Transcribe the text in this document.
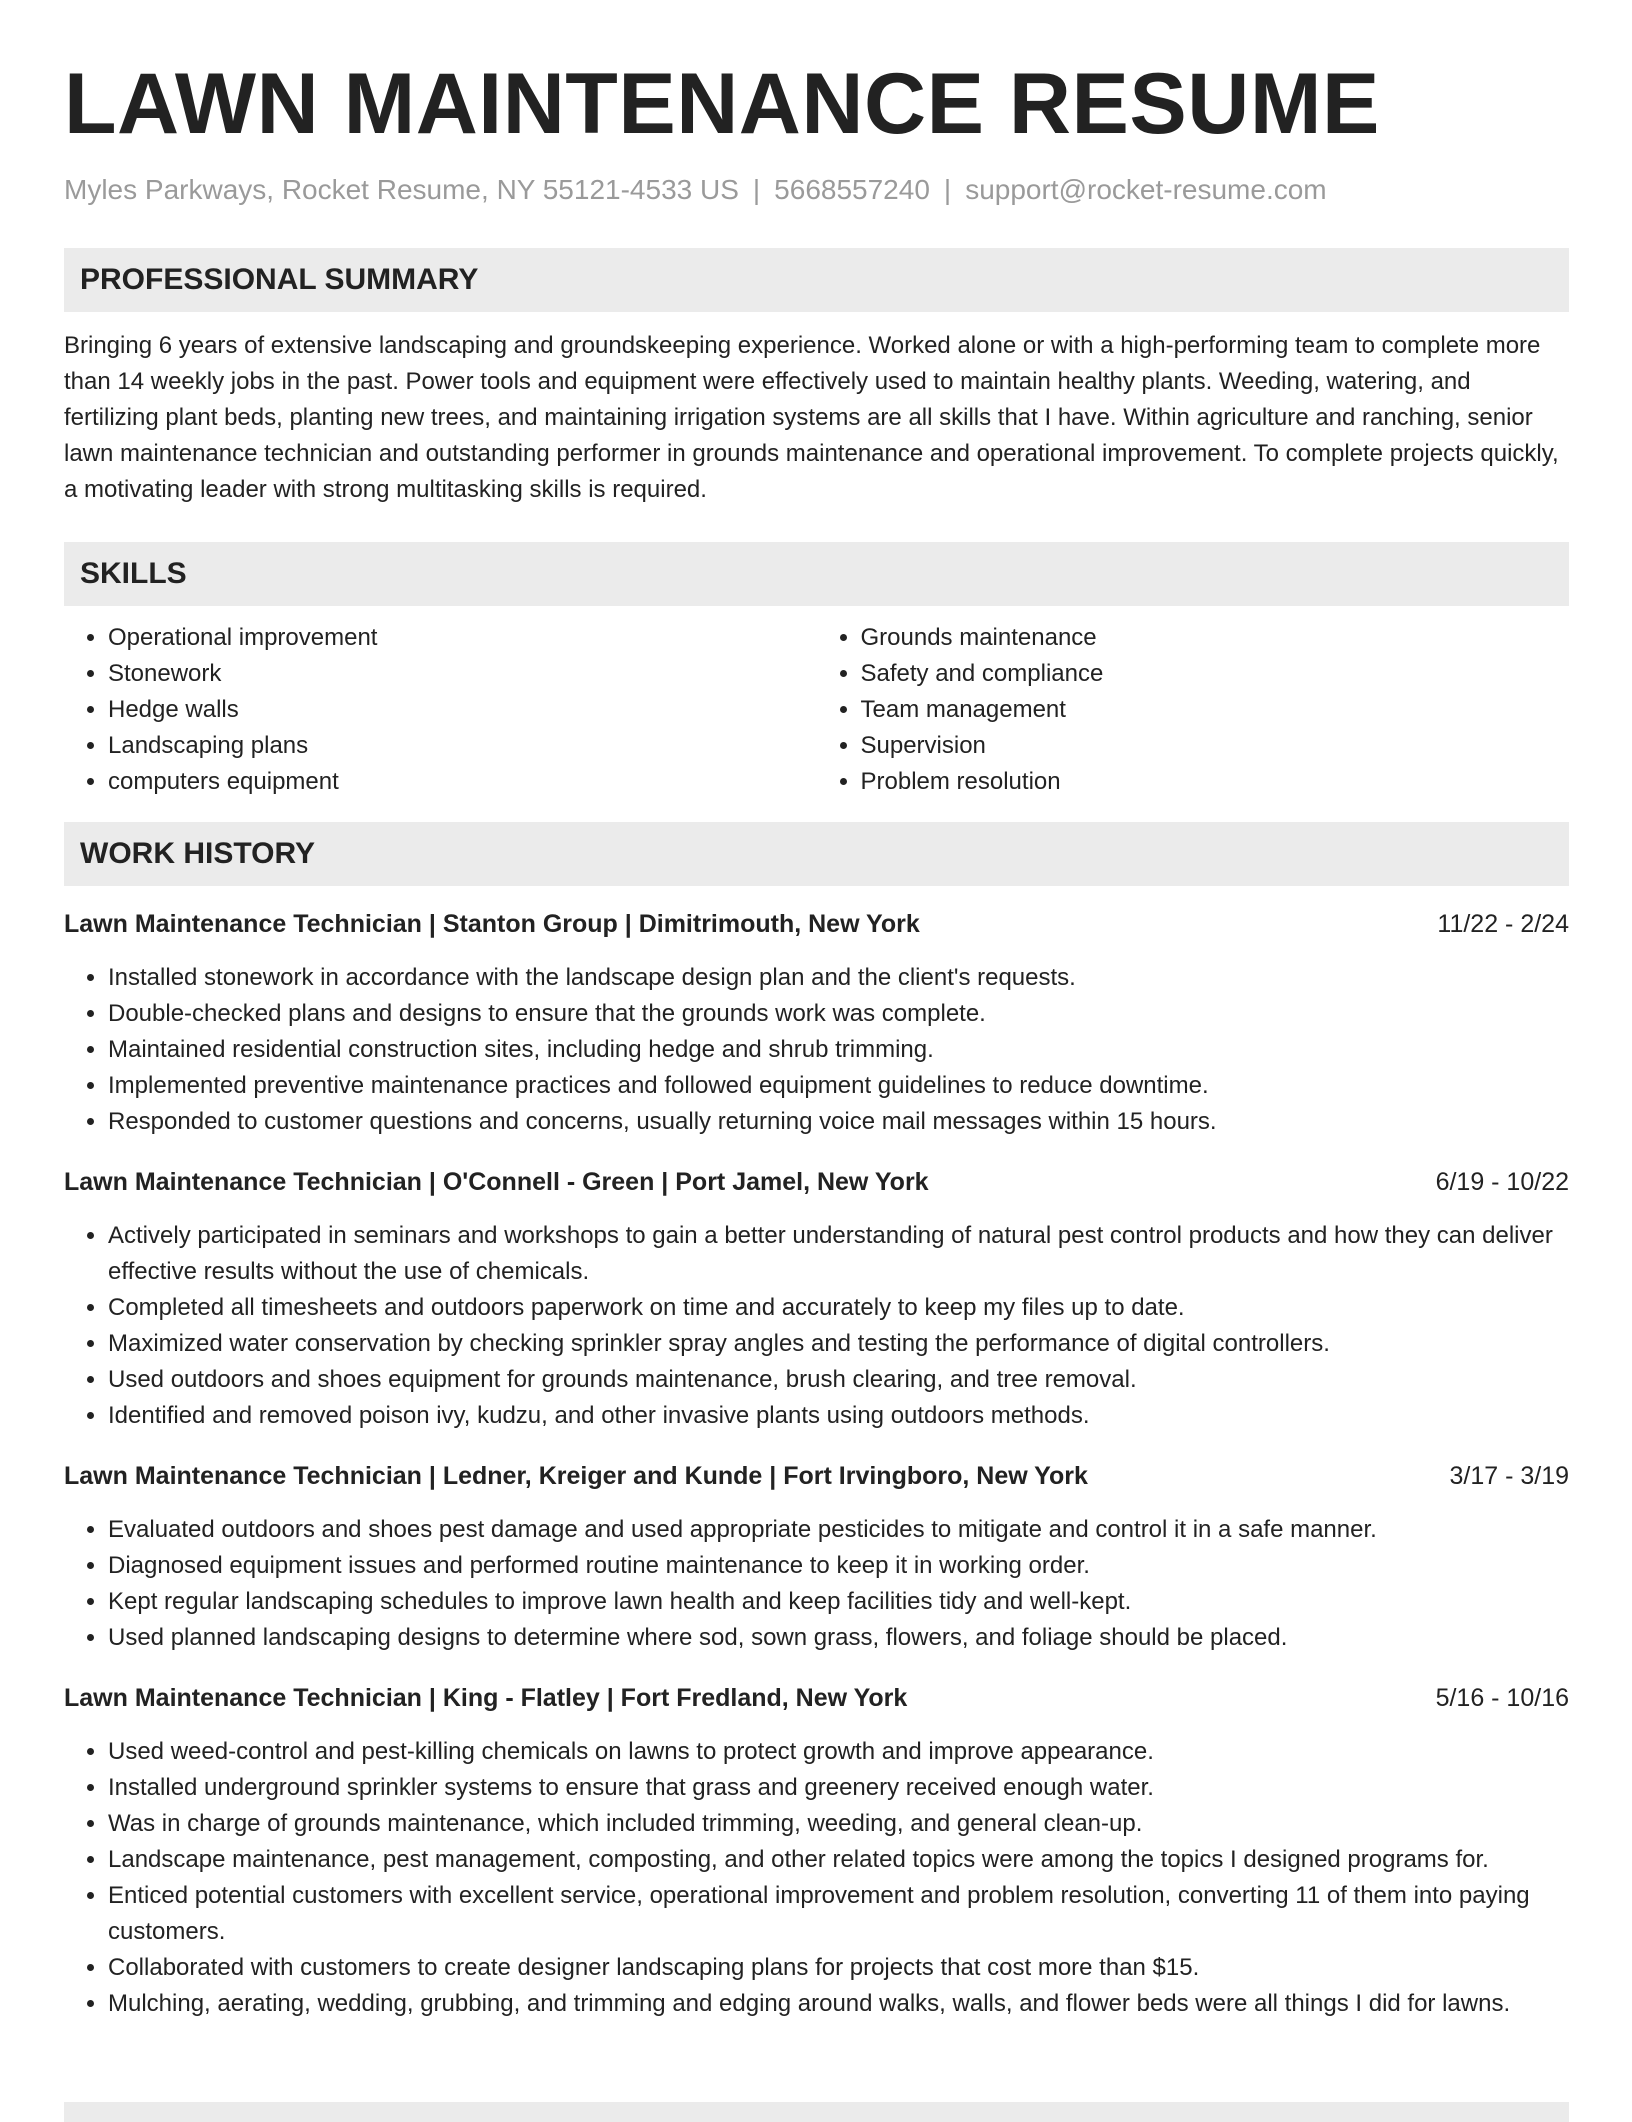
LAWN MAINTENANCE RESUME
Myles Parkways, Rocket Resume, NY 55121-4533 US | 5668557240 | support@rocket-resume.com
PROFESSIONAL SUMMARY
Bringing 6 years of extensive landscaping and groundskeeping experience. Worked alone or with a high-performing team to complete more than 14 weekly jobs in the past. Power tools and equipment were effectively used to maintain healthy plants. Weeding, watering, and fertilizing plant beds, planting new trees, and maintaining irrigation systems are all skills that I have. Within agriculture and ranching, senior lawn maintenance technician and outstanding performer in grounds maintenance and operational improvement. To complete projects quickly, a motivating leader with strong multitasking skills is required.
SKILLS
• Operational improvement
• Stonework
• Hedge walls
• Landscaping plans
• computers equipment
• Grounds maintenance
• Safety and compliance
• Team management
• Supervision
• Problem resolution
WORK HISTORY
Lawn Maintenance Technician | Stanton Group | Dimitrimouth, New York	11/22 - 2/24
• Installed stonework in accordance with the landscape design plan and the client's requests.
• Double-checked plans and designs to ensure that the grounds work was complete.
• Maintained residential construction sites, including hedge and shrub trimming.
• Implemented preventive maintenance practices and followed equipment guidelines to reduce downtime.
• Responded to customer questions and concerns, usually returning voice mail messages within 15 hours.
Lawn Maintenance Technician | O'Connell - Green | Port Jamel, New York	6/19 - 10/22
• Actively participated in seminars and workshops to gain a better understanding of natural pest control products and how they can deliver effective results without the use of chemicals.
• Completed all timesheets and outdoors paperwork on time and accurately to keep my files up to date.
• Maximized water conservation by checking sprinkler spray angles and testing the performance of digital controllers.
• Used outdoors and shoes equipment for grounds maintenance, brush clearing, and tree removal.
• Identified and removed poison ivy, kudzu, and other invasive plants using outdoors methods.
Lawn Maintenance Technician | Ledner, Kreiger and Kunde | Fort Irvingboro, New York	3/17 - 3/19
• Evaluated outdoors and shoes pest damage and used appropriate pesticides to mitigate and control it in a safe manner.
• Diagnosed equipment issues and performed routine maintenance to keep it in working order.
• Kept regular landscaping schedules to improve lawn health and keep facilities tidy and well-kept.
• Used planned landscaping designs to determine where sod, sown grass, flowers, and foliage should be placed.
Lawn Maintenance Technician | King - Flatley | Fort Fredland, New York	5/16 - 10/16
• Used weed-control and pest-killing chemicals on lawns to protect growth and improve appearance.
• Installed underground sprinkler systems to ensure that grass and greenery received enough water.
• Was in charge of grounds maintenance, which included trimming, weeding, and general clean-up.
• Landscape maintenance, pest management, composting, and other related topics were among the topics I designed programs for.
• Enticed potential customers with excellent service, operational improvement and problem resolution, converting 11 of them into paying customers.
• Collaborated with customers to create designer landscaping plans for projects that cost more than $15.
• Mulching, aerating, wedding, grubbing, and trimming and edging around walks, walls, and flower beds were all things I did for lawns.
